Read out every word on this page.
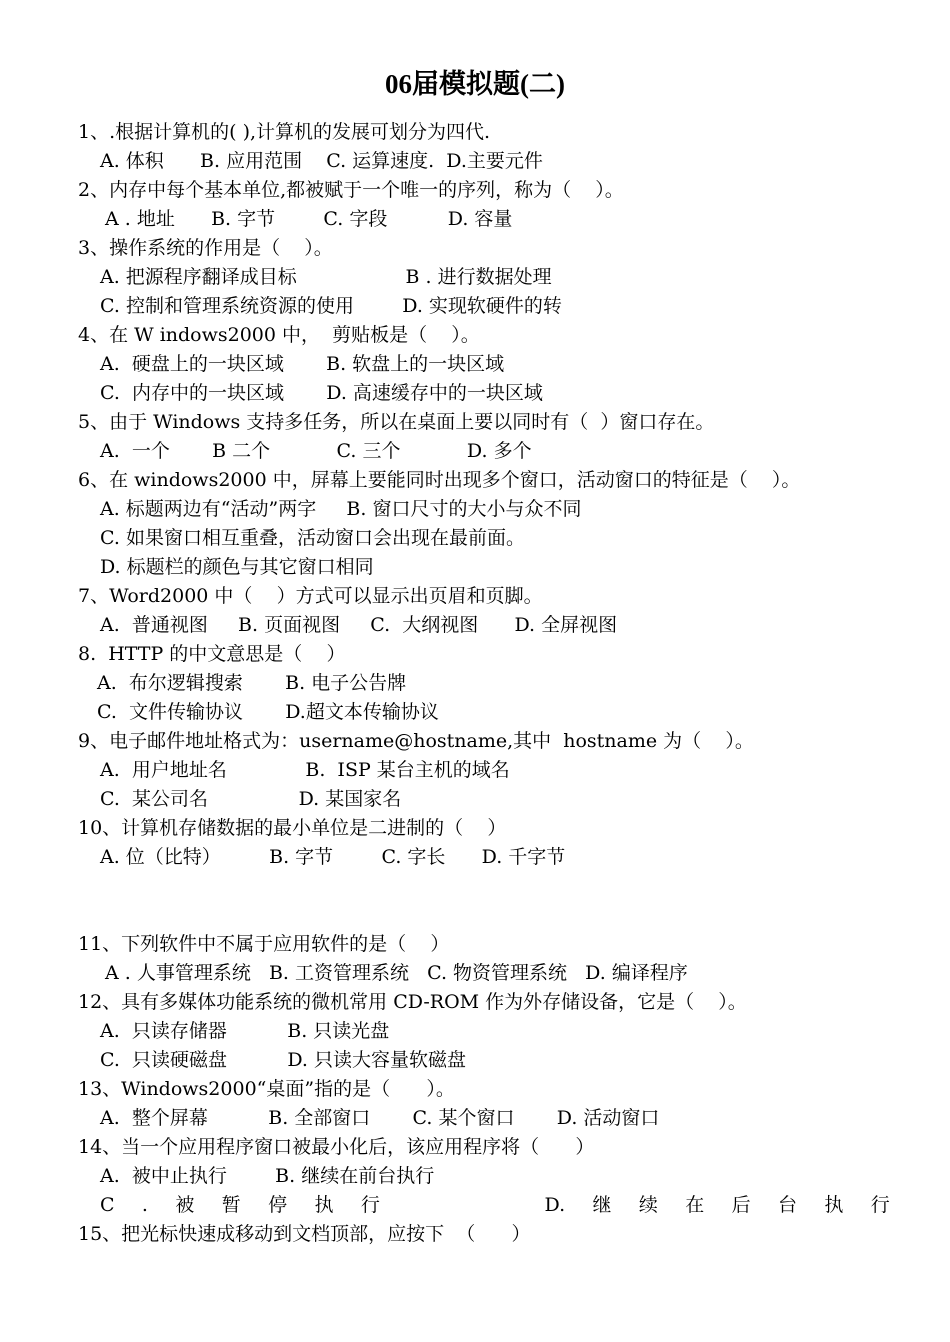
06届模拟题(二)
1、.根据计算机的( ),计算机的发展可划分为四代.
A. 体积      B. 应用范围    C. 运算速度.  D.主要元件
2、内存中每个基本单位,都被赋于一个唯一的序列，称为（    ）。
A . 地址      B. 字节        C. 字段          D. 容量
3、操作系统的作用是（    ）。
A. 把源程序翻译成目标                  B . 进行数据处理
C. 控制和管理系统资源的使用        D. 实现软硬件的转
4、在 W indows2000 中，  剪贴板是（    ）。
A.  硬盘上的一块区域       B. 软盘上的一块区域
C.  内存中的一块区域       D. 高速缓存中的一块区域
5、由于 Windows 支持多任务，所以在桌面上要以同时有（  ）窗口存在。
A.  一个       B 二个           C. 三个           D. 多个
6、在 windows2000 中，屏幕上要能同时出现多个窗口，活动窗口的特征是（    ）。
A. 标题两边有“活动”两字     B. 窗口尺寸的大小与众不同
C. 如果窗口相互重叠，活动窗口会出现在最前面。
D. 标题栏的颜色与其它窗口相同
7、Word2000 中（    ）方式可以显示出页眉和页脚。
A.  普通视图     B. 页面视图     C.  大纲视图      D. 全屏视图
8.  HTTP 的中文意思是（    ）
A.  布尔逻辑搜索       B. 电子公告牌
C.  文件传输协议       D.超文本传输协议
9、电子邮件地址格式为：username@hostname,其中  hostname 为（    ）。
A.  用户地址名             B.  ISP 某台主机的域名
C.  某公司名               D. 某国家名
10、计算机存储数据的最小单位是二进制的（    ）
A. 位（比特）        B. 字节        C. 字长      D. 千字节
11、下列软件中不属于应用软件的是（    ）
A . 人事管理系统   B. 工资管理系统   C. 物资管理系统   D. 编译程序
12、具有多媒体功能系统的微机常用 CD-ROM 作为外存储设备，它是（    ）。
A.  只读存储器          B. 只读光盘
C.  只读硬磁盘          D. 只读大容量软磁盘
13、Windows2000“桌面”指的是（      ）。
A.  整个屏幕          B. 全部窗口       C. 某个窗口       D. 活动窗口
14、当一个应用程序窗口被最小化后，该应用程序将（      ）
A.  被中止执行        B. 继续在前台执行
C . 被 暂 停 执 行	D. 继 续 在 后 台 执 行
15、把光标快速成移动到文档顶部，应按下  （      ）
